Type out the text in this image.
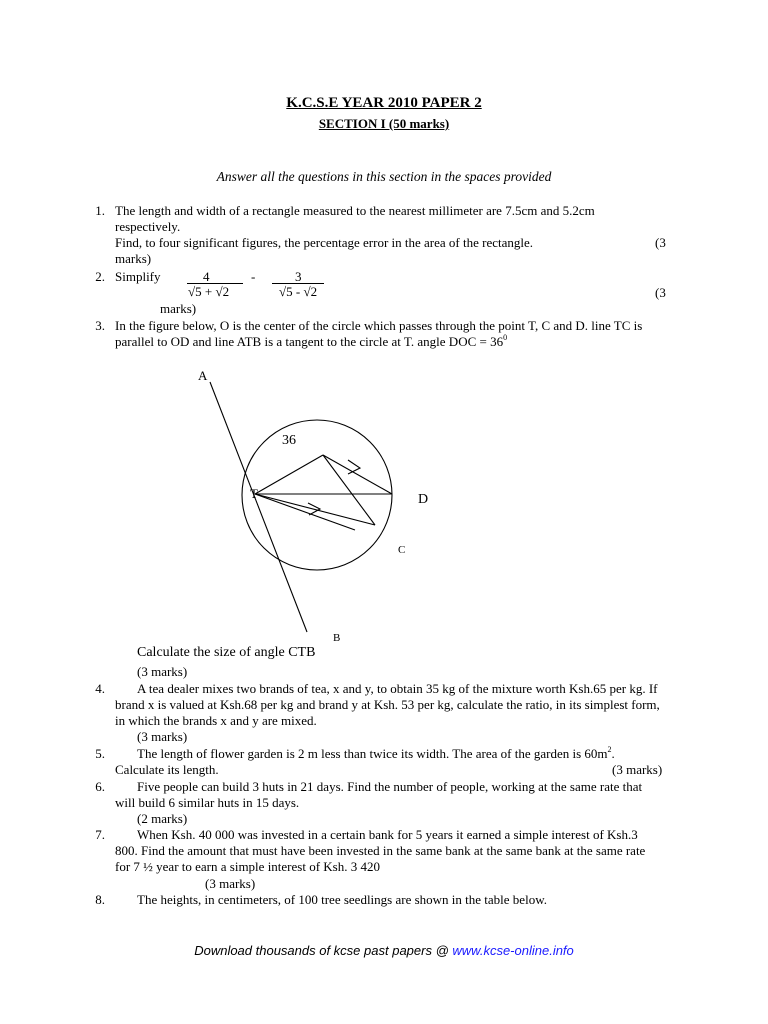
K.C.S.E YEAR 2010 PAPER 2
SECTION I (50 marks)
Answer all the questions in this section in the spaces provided
1. The length and width of a rectangle measured to the nearest millimeter are 7.5cm and 5.2cm
respectively.
Find, to four significant figures, the percentage error in the area of the rectangle.	(3
marks)
2. Simplify	4
√5 + √2
-	3
√5 - √2	(3
marks)
3. In the figure below, O is the center of the circle which passes through the point T, C and D. line TC is
parallel to OD and line ATB is a tangent to the circle at T. angle DOC = $36^0$
A
36
T	D
C
B
Calculate the size of angle CTB
(3 marks)
4. A tea dealer mixes two brands of tea, x and y, to obtain 35 kg of the mixture worth Ksh.65 per kg. If
brand x is valued at Ksh.68 per kg and brand y at Ksh. 53 per kg, calculate the ratio, in its simplest form,
in which the brands x and y are mixed.
(3 marks)
5. The length of flower garden is 2 m less than twice its width. The area of the garden is $60m^2$.
Calculate its length.	(3 marks)
6. Five people can build 3 huts in 21 days. Find the number of people, working at the same rate that
will build 6 similar huts in 15 days.
(2 marks)
7. When Ksh. 40 000 was invested in a certain bank for 5 years it earned a simple interest of Ksh.3
800. Find the amount that must have been invested in the same bank at the same bank at the same rate
for 7 ½ year to earn a simple interest of Ksh. 3 420
(3 marks)
8. The heights, in centimeters, of 100 tree seedlings are shown in the table below.
Download thousands of kcse past papers @ www.kcse-online.info
